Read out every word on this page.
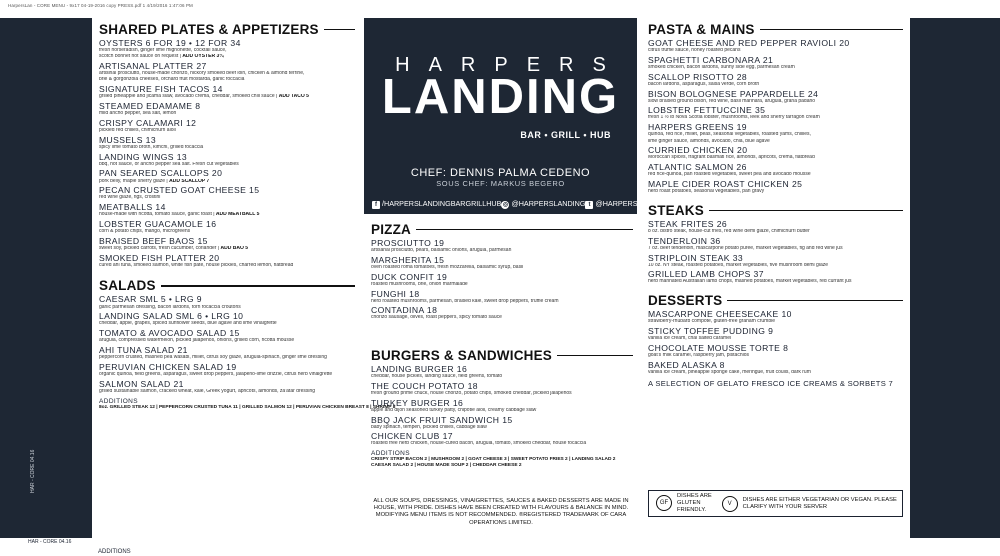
HarpersLan - CORE MENU - 9x17 04-19-2016 copy PRESS.pdf 1 4/19/2016 1:47:06 PM
HAR - CORE 04.16
SHARED PLATES & APPETIZERS
OYSTERS 6 FOR 19 • 12 FOR 34
fresh horseradish, ginger lime mignonette, cocktail sauce,
scotch bonnet hot sauce on request | ADD OYSTER 3¼
ARTISANAL PLATTER 27
artisinal prosciutto, house-made chorizo, hickory smoked beef loin, chicken & almond terrine,
brie & gorgonzola cheeses, orchard fruit mostarda, garlic foccacia
SIGNATURE FISH TACOS 14
grilled pineapple and jicama slaw, avocado crema, cheddar, smoked chili sauce | ADD TACO 5
STEAMED EDAMAME 8
mild ancho pepper, sea salt, lemon
CRISPY CALAMARI 12
pickled red chilies, chimichurri aioli
MUSSELS 13
spicy lime tomato broth, kimchi, grilled focaccia
LANDING WINGS 13
bbq, hot sauce, or ancho pepper sea salt. Fresh cut vegetables
PAN SEARED SCALLOPS 20
pork belly, maple sherry glaze | ADD SCALLOP 7
PECAN CRUSTED GOAT CHEESE 15
red wine glaze, figs, crostini
MEATBALLS 14
house-made with ricotta, tomato sauce, garlic toast | ADD MEATBALL 5
LOBSTER GUACAMOLE 16
corn & potato chips, mango, microgreens
BRAISED BEEF BAOS 15
sweet soy, pickled carrots, fresh cucumber, coriander | ADD BAO 5
SMOKED FISH PLATTER 20
cured ahi tuna, smoked salmon, white fish pate, house pickles, charred lemon, flatbread
SALADS
CAESAR SML 5 • LRG 9
garlic parmesan dressing, bacon lardons, torn focaccia croutons
LANDING SALAD SML 6 • LRG 10
cheddar, apple, grapes, spiced sunflower seeds, blue agave and lime vinaigrette
TOMATO & AVOCADO SALAD 15
arugula, compressed watermelon, pickled jalapeños, onions, grilled corn, ricotta mousse
AHI TUNA SALAD 21
peppercorn crusted, mashed pea wasabi, millet, citrus soy glaze, arugula-spinach, ginger lime dressing
PERUVIAN CHICKEN SALAD 19
organic quinoa, field greens, asparagus, sweet drop peppers, jalapeño-lime drizzle, citrus herb vinaigrette
SALMON SALAD 21
grilled sustainable salmon, cracked wheat, kale, Greek yogurt, apricots, almonds, za'atar dressing
ADDITIONS
8oz. GRILLED STEAK 12 | PEPPERCORN CRUSTED TUNA 11 | GRILLED SALMON 12 | PERUVIAN CHICKEN BREAST 8 | SHRIMP 8
HARPERS
LANDING
BAR • GRILL • HUB
CHEF: DENNIS PALMA CEDENO
SOUS CHEF: MARKUS BEGERO
f /HARPERSLANDINGBARGRILLHUB ◎ @HARPERSLANDING t @HARPERSLANDING
PIZZA
PROSCIUTTO 19
artisanal prosciutto, pears, balsamic onions, arugula, parmesan
MARGHERITA 15
oven roasted roma tomatoes, fresh mozzarella, balsamic syrup, basil
DUCK CONFIT 19
roasted mushrooms, brie, onion marmalade
FUNGHI 18
herb roasted mushrooms, parmesan, braised kale, sweet drop peppers, truffle cream
CONTADINA 18
chorizo sausage, olives, roast peppers, spicy tomato sauce
BURGERS & SANDWICHES
LANDING BURGER 16
cheddar, house pickles, landing sauce, field greens, tomato
THE COUCH POTATO 18
fresh ground prime chuck, house chorizo, potato chips, smoked cheddar, pickled jalapeños
TURKEY BURGER 16
apple and dijon seasoned turkey patty, chipotle aioli, creamy cabbage slaw
BBQ JACK FRUIT SANDWICH 15
baby spinach, tempeh, pickled chilies, cabbage slaw
CHICKEN CLUB 17
roasted free herb chicken, house-cured bacon, arugula, tomato, smoked cheddar, house focaccia
ADDITIONS
CRISPY STRIP BACON 2 | MUSHROOM 2 | GOAT CHEESE 3 | SWEET POTATO FRIES 2 | LANDING SALAD 2
CAESAR SALAD 2 | HOUSE MADE SOUP 2 | CHEDDAR CHEESE 2
ALL OUR SOUPS, DRESSINGS, VINAIGRETTES, SAUCES & BAKED DESSERTS ARE MADE IN HOUSE, WITH PRIDE. DISHES HAVE BEEN CREATED WITH FLAVOURS & BALANCE IN MIND. MODIFYING MENU ITEMS IS NOT RECOMMENDED. ®REGISTERED TRADEMARK OF CARA OPERATIONS LIMITED.
PASTA & MAINS
GOAT CHEESE AND RED PEPPER RAVIOLI 20
citrus truffle sauce, honey roasted pecans
SPAGHETTI CARBONARA 21
smoked chicken, bacon lardons, sunny side egg, parmesan cream
SCALLOP RISOTTO 28
bacon lardons, asparagus, salsa verde, corn broth
BISON BOLOGNESE PAPPARDELLE 24
slow braised ground bison, red wine, basil marinara, arugula, grana padano
LOBSTER FETTUCCINE 35
fresh 1 ½ lb Nova Scotia lobster, mushrooms, leek and sherry tarragon cream
HARPERS GREENS 19
quinoa, red rice, millet, peas, seasonal vegetables, roasted yams, chillies,
lime ginger sauce, almonds, avocado, chia, blue agave
CURRIED CHICKEN 20
Moroccan spices, fragrant basmati rice, almonds, apricots, crema, flatbread
ATLANTIC SALMON 26
red rice-quinoa, pan roasted vegetables, sweet pea and avocado mousse
MAPLE CIDER ROAST CHICKEN 25
herb roast potatoes, seasonal vegetables, pan gravy
STEAKS
STEAK FRITES 26
8 oz. bistro steak, house-cut fries, red wine demi glaze, chimichurri butter
TENDERLOIN 36
7 oz. beef tenderloin, mascarpone potato puree, market vegetables, fig and red wine jus
STRIPLOIN STEAK 33
10 oz. NY steak, roasted potatoes, market vegetables, five mushroom demi glaze
GRILLED LAMB CHOPS 37
herb marinated Australian lamb chops, mashed potatoes, market vegetables, red currant jus
DESSERTS
MASCARPONE CHEESECAKE 10
strawberry-rhubarb compote, gluten-free graham crumble
STICKY TOFFEE PUDDING 9
vanilla ice cream, chai salted caramel
CHOCOLATE MOUSSE TORTE 8
goat's milk caramel, raspberry jam, pistachios
BAKED ALASKA 8
vanilla ice cream, pineapple sponge cake, meringue, fruit coulis, dark rum
A SELECTION OF GELATO FRESCO ICE CREAMS & SORBETS 7
GF
DISHES ARE GLUTEN FRIENDLY.
V
DISHES ARE EITHER VEGETARIAN OR VEGAN. PLEASE CLARIFY WITH YOUR SERVER
HAR - CORE 04.16
ADDITIONS
